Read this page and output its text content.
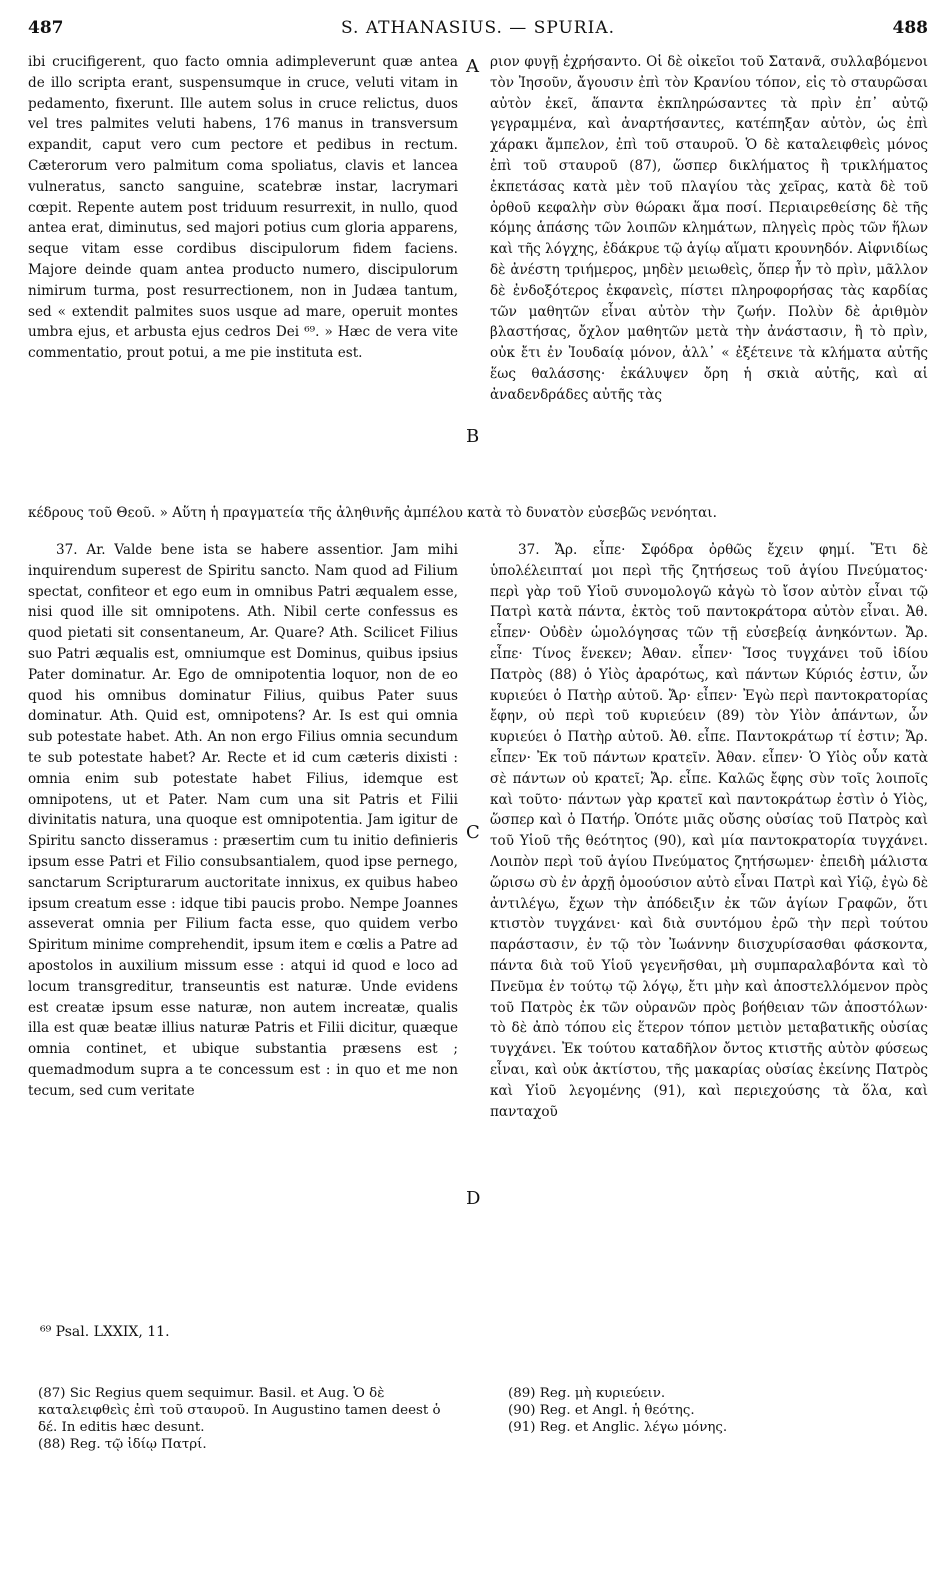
487	S. ATHANASIUS. — SPURIA.	488

ibi crucifigerent, quo facto omnia adimpleverunt quæ antea de illo scripta erant, suspensumque in cruce, veluti vitam in pedamento, fixerunt. Ille autem solus in cruce relictus, duos vel tres palmites veluti habens, 176 manus in transversum expandit, caput vero cum pectore et pedibus in rectum. Cæterorum vero palmitum coma spoliatus, clavis et lancea vulneratus, sancto sanguine, scatebræ instar, lacrymari cœpit. Repente autem post triduum resurrexit, in nullo, quod antea erat, diminutus, sed majori potius cum gloria apparens, seque vitam esse cordibus discipulorum fidem faciens. Majore deinde quam antea producto numero, discipulorum nimirum turma, post resurrectionem, non in Judæa tantum, sed « extendit palmites suos usque ad mare, operuit montes umbra ejus, et arbusta ejus cedros Dei ⁶⁹. » Hæc de vera vite commentatio, prout potui, a me pie instituta est.

ριον φυγῇ ἐχρήσαντο. Οἱ δὲ οἰκεῖοι τοῦ Σατανᾶ, συλλαβόμενοι τὸν Ἰησοῦν, ἄγουσιν ἐπὶ τὸν Κρανίου τόπον, εἰς τὸ σταυρῶσαι αὐτὸν ἐκεῖ, ἅπαντα ἐκπληρώσαντες τὰ πρὶν ἐπ᾽ αὐτῷ γεγραμμένα, καὶ ἀναρτήσαντες, κατέπηξαν αὐτὸν, ὡς ἐπὶ χάρακι ἄμπελον, ἐπὶ τοῦ σταυροῦ. Ὁ δὲ καταλειφθεὶς μόνος ἐπὶ τοῦ σταυροῦ (87), ὥσπερ δικλήματος ἢ τρικλήματος ἐκπετάσας κατὰ μὲν τοῦ πλαγίου τὰς χεῖρας, κατὰ δὲ τοῦ ὀρθοῦ κεφαλὴν σὺν θώρακι ἅμα ποσί. Περιαιρεθείσης δὲ τῆς κόμης ἁπάσης τῶν λοιπῶν κλημάτων, πληγεὶς πρὸς τῶν ἥλων καὶ τῆς λόγχης, ἐδάκρυε τῷ ἁγίῳ αἵματι κρουνηδόν. Αἰφνιδίως δὲ ἀνέστη τριήμερος, μηδὲν μειωθεὶς, ὅπερ ἦν τὸ πρὶν, μᾶλλον δὲ ἐνδοξότερος ἐκφανεὶς, πίστει πληροφορήσας τὰς καρδίας τῶν μαθητῶν εἶναι αὐτὸν τὴν ζωήν. Πολὺν δὲ ἀριθμὸν βλαστήσας, ὄχλον μαθητῶν μετὰ τὴν ἀνάστασιν, ἢ τὸ πρὶν, οὐκ ἔτι ἐν Ἰουδαίᾳ μόνον, ἀλλ᾽ « ἐξέτεινε τὰ κλήματα αὐτῆς ἕως θαλάσσης· ἐκάλυψεν ὄρη ἡ σκιὰ αὐτῆς, καὶ αἱ ἀναδενδράδες αὐτῆς τὰς

A
B
C
D
κέδρους τοῦ Θεοῦ. » Αὕτη ἡ πραγματεία τῆς ἀληθινῆς ἀμπέλου κατὰ τὸ δυνατὸν εὐσεβῶς νενόηται.

37. Ar. Valde bene ista se habere assentior. Jam mihi inquirendum superest de Spiritu sancto. Nam quod ad Filium spectat, confiteor et ego eum in omnibus Patri æqualem esse, nisi quod ille sit omnipotens. Ath. Nibil certe confessus es quod pietati sit consentaneum, Ar. Quare? Ath. Scilicet Filius suo Patri æqualis est, omniumque est Dominus, quibus ipsius Pater dominatur. Ar. Ego de omnipotentia loquor, non de eo quod his omnibus dominatur Filius, quibus Pater suus dominatur. Ath. Quid est, omnipotens? Ar. Is est qui omnia sub potestate habet. Ath. An non ergo Filius omnia secundum te sub potestate habet? Ar. Recte et id cum cæteris dixisti : omnia enim sub potestate habet Filius, idemque est omnipotens, ut et Pater. Nam cum una sit Patris et Filii divinitatis natura, una quoque est omnipotentia. Jam igitur de Spiritu sancto disseramus : præsertim cum tu initio definieris ipsum esse Patri et Filio consubsantialem, quod ipse pernego, sanctarum Scripturarum auctoritate innixus, ex quibus habeo ipsum creatum esse : idque tibi paucis probo. Nempe Joannes asseverat omnia per Filium facta esse, quo quidem verbo Spiritum minime comprehendit, ipsum item e cœlis a Patre ad apostolos in auxilium missum esse : atqui id quod e loco ad locum transgreditur, transeuntis est naturæ. Unde evidens est creatæ ipsum esse naturæ, non autem increatæ, qualis illa est quæ beatæ illius naturæ Patris et Filii dicitur, quæque omnia continet, et ubique substantia præsens est ; quemadmodum supra a te concessum est : in quo et me non tecum, sed cum veritate

37. Ἄρ. εἶπε· Σφόδρα ὀρθῶς ἔχειν φημί. Ἔτι δὲ ὑπολέλειπταί μοι περὶ τῆς ζητήσεως τοῦ ἁγίου Πνεύματος· περὶ γὰρ τοῦ Υἱοῦ συνομολογῶ κἀγὼ τὸ ἴσον αὐτὸν εἶναι τῷ Πατρὶ κατὰ πάντα, ἐκτὸς τοῦ παντοκράτορα αὐτὸν εἶναι. Ἀθ. εἶπεν· Οὐδὲν ὡμολόγησας τῶν τῇ εὐσεβείᾳ ἀνηκόντων. Ἄρ. εἶπε· Τίνος ἕνεκεν; Ἀθαν. εἶπεν· Ἴσος τυγχάνει τοῦ ἰδίου Πατρὸς (88) ὁ Υἱὸς ἀραρότως, καὶ πάντων Κύριός ἐστιν, ὧν κυριεύει ὁ Πατὴρ αὐτοῦ. Ἄρ· εἶπεν· Ἐγὼ περὶ παντοκρατορίας ἔφην, οὐ περὶ τοῦ κυριεύειν (89) τὸν Υἱὸν ἁπάντων, ὧν κυριεύει ὁ Πατὴρ αὐτοῦ. Ἀθ. εἶπε. Παντοκράτωρ τί ἐστιν; Ἄρ. εἶπεν· Ἐκ τοῦ πάντων κρατεῖν. Ἀθαν. εἶπεν· Ὁ Υἱὸς οὖν κατὰ σὲ πάντων οὐ κρατεῖ; Ἄρ. εἶπε. Καλῶς ἔφης σὺν τοῖς λοιποῖς καὶ τοῦτο· πάντων γὰρ κρατεῖ καὶ παντοκράτωρ ἐστὶν ὁ Υἱὸς, ὥσπερ καὶ ὁ Πατήρ. Ὁπότε μιᾶς οὔσης οὐσίας τοῦ Πατρὸς καὶ τοῦ Υἱοῦ τῆς θεότητος (90), καὶ μία παντοκρατορία τυγχάνει. Λοιπὸν περὶ τοῦ ἁγίου Πνεύματος ζητήσωμεν· ἐπειδὴ μάλιστα ὥρισω σὺ ἐν ἀρχῇ ὁμοούσιον αὐτὸ εἶναι Πατρὶ καὶ Υἱῷ, ἐγὼ δὲ ἀντιλέγω, ἔχων τὴν ἀπόδειξιν ἐκ τῶν ἁγίων Γραφῶν, ὅτι κτιστὸν τυγχάνει· καὶ διὰ συντόμου ἐρῶ τὴν περὶ τούτου παράστασιν, ἐν τῷ τὸν Ἰωάννην διισχυρίσασθαι φάσκοντα, πάντα διὰ τοῦ Υἱοῦ γεγενῆσθαι, μὴ συμπαραλαβόντα καὶ τὸ Πνεῦμα ἐν τούτῳ τῷ λόγῳ, ἔτι μὴν καὶ ἀποστελλόμενον πρὸς τοῦ Πατρὸς ἐκ τῶν οὐρανῶν πρὸς βοήθειαν τῶν ἀποστόλων· τὸ δὲ ἀπὸ τόπου εἰς ἕτερον τόπον μετιὸν μεταβατικῆς οὐσίας τυγχάνει. Ἐκ τούτου καταδῆλον ὄντος κτιστῆς αὐτὸν φύσεως εἶναι, καὶ οὐκ ἀκτίστου, τῆς μακαρίας οὐσίας ἐκείνης Πατρὸς καὶ Υἱοῦ λεγομένης (91), καὶ περιεχούσης τὰ ὅλα, καὶ πανταχοῦ

⁶⁹ Psal. LXXIX, 11.

(87) Sic Regius quem sequimur. Basil. et Aug. Ὁ δὲ καταλειφθεὶς ἐπὶ τοῦ σταυροῦ. In Augustino tamen deest ὁ δέ. In editis hæc desunt.

(88) Reg. τῷ ἰδίῳ Πατρί.

(89) Reg. μὴ κυριεύειν.

(90) Reg. et Angl. ἡ θεότης.

(91) Reg. et Anglic. λέγω μόνης.
